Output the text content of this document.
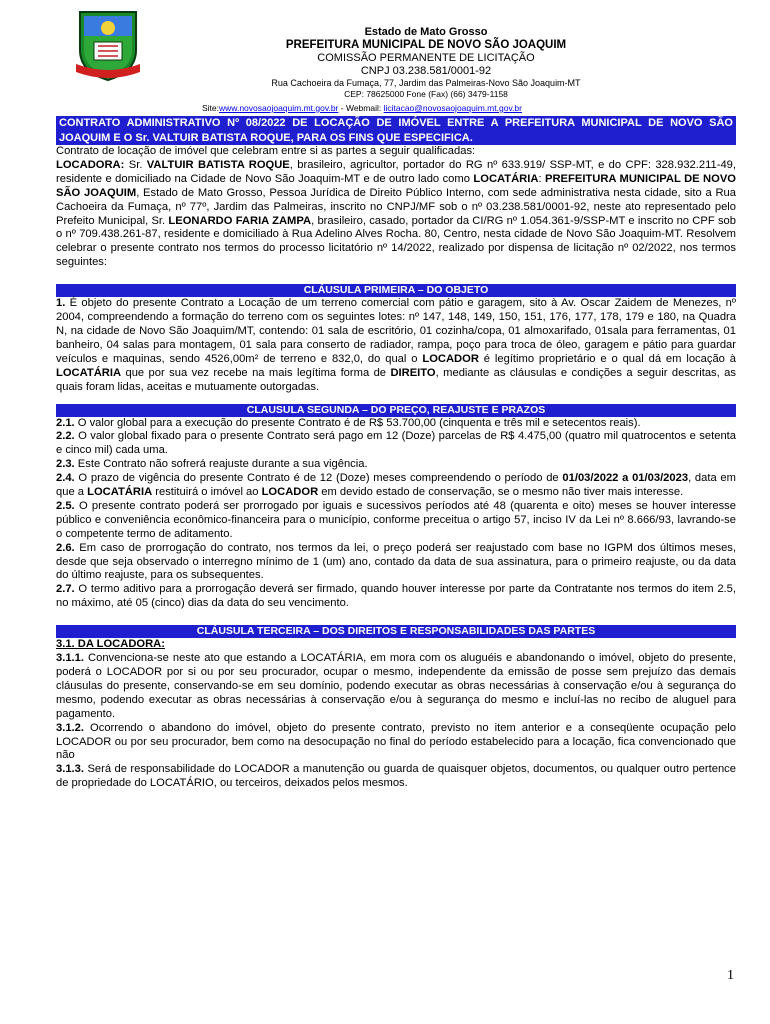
Estado de Mato Grosso
PREFEITURA MUNICIPAL DE NOVO SÃO JOAQUIM
COMISSÃO PERMANENTE DE LICITAÇÃO
CNPJ 03.238.581/0001-92
Rua Cachoeira da Fumaça, 77, Jardim das Palmeiras-Novo São Joaquim-MT
CEP: 78625000 Fone (Fax) (66) 3479-1158
Site:www.novosaojoaquim.mt.gov.br - Webmail: licitacao@novosaojoaquim.mt.gov.br
CONTRATO ADMINISTRATIVO Nº 08/2022 DE LOCAÇÃO DE IMÓVEL ENTRE A PREFEITURA MUNICIPAL DE NOVO SÃO JOAQUIM E O Sr. VALTUIR BATISTA ROQUE, PARA OS FINS QUE ESPECIFICA.

Contrato de locação de imóvel que celebram entre si as partes a seguir qualificadas:

LOCADORA: Sr. VALTUIR BATISTA ROQUE, brasileiro, agricultor, portador do RG nº 633.919/ SSP-MT, e do CPF: 328.932.211-49, residente e domiciliado na Cidade de Novo São Joaquim-MT e de outro lado como LOCATÁRIA: PREFEITURA MUNICIPAL DE NOVO SÃO JOAQUIM, Estado de Mato Grosso, Pessoa Jurídica de Direito Público Interno, com sede administrativa nesta cidade, sito a Rua Cachoeira da Fumaça, nº 77º, Jardim das Palmeiras, inscrito no CNPJ/MF sob o nº 03.238.581/0001-92, neste ato representado pelo Prefeito Municipal, Sr. LEONARDO FARIA ZAMPA, brasileiro, casado, portador da CI/RG nº 1.054.361-9/SSP-MT e inscrito no CPF sob o nº 709.438.261-87, residente e domiciliado à Rua Adelino Alves Rocha. 80, Centro, nesta cidade de Novo São Joaquim-MT. Resolvem celebrar o presente contrato nos termos do processo licitatório nº 14/2022, realizado por dispensa de licitação nº 02/2022, nos termos seguintes:

CLÁUSULA PRIMEIRA – DO OBJETO

1. É objeto do presente Contrato a Locação de um terreno comercial com pátio e garagem, sito à Av. Oscar Zaidem de Menezes, nº 2004, compreendendo a formação do terreno com os seguintes lotes: nº 147, 148, 149, 150, 151, 176, 177, 178, 179 e 180, na Quadra N, na cidade de Novo São Joaquim/MT, contendo: 01 sala de escritório, 01 cozinha/copa, 01 almoxarifado, 01sala para ferramentas, 01 banheiro, 04 salas para montagem, 01 sala para conserto de radiador, rampa, poço para troca de óleo, garagem e pátio para guardar veículos e maquinas, sendo 4526,00m² de terreno e 832,0, do qual o LOCADOR é legítimo proprietário e o qual dá em locação à LOCATÁRIA que por sua vez recebe na mais legítima forma de DIREITO, mediante as cláusulas e condições a seguir descritas, as quais foram lidas, aceitas e mutuamente outorgadas.

CLAUSULA SEGUNDA – DO PREÇO, REAJUSTE E PRAZOS

2.1. O valor global para a execução do presente Contrato é de R$ 53.700,00 (cinquenta e três mil e setecentos reais).

2.2. O valor global fixado para o presente Contrato será pago em 12 (Doze) parcelas de R$ 4.475,00 (quatro mil quatrocentos e setenta e cinco mil) cada uma.

2.3. Este Contrato não sofrerá reajuste durante a sua vigência.

2.4. O prazo de vigência do presente Contrato é de 12 (Doze) meses compreendendo o período de 01/03/2022 a 01/03/2023, data em que a LOCATÁRIA restituirá o imóvel ao LOCADOR em devido estado de conservação, se o mesmo não tiver mais interesse.

2.5. O presente contrato poderá ser prorrogado por iguais e sucessivos períodos até 48 (quarenta e oito) meses se houver interesse público e conveniência econômico-financeira para o município, conforme preceitua o artigo 57, inciso IV da Lei nº 8.666/93, lavrando-se o competente termo de aditamento.

2.6. Em caso de prorrogação do contrato, nos termos da lei, o preço poderá ser reajustado com base no IGPM dos últimos meses, desde que seja observado o interregno mínimo de 1 (um) ano, contado da data de sua assinatura, para o primeiro reajuste, ou da data do último reajuste, para os subsequentes.

2.7. O termo aditivo para a prorrogação deverá ser firmado, quando houver interesse por parte da Contratante nos termos do item 2.5, no máximo, até 05 (cinco) dias da data do seu vencimento.

CLÁUSULA TERCEIRA – DOS DIREITOS E RESPONSABILIDADES DAS PARTES

3.1. DA LOCADORA:

3.1.1. Convenciona-se neste ato que estando a LOCATÁRIA, em mora com os aluguéis e abandonando o imóvel, objeto do presente, poderá o LOCADOR por si ou por seu procurador, ocupar o mesmo, independente da emissão de posse sem prejuízo das demais cláusulas do presente, conservando-se em seu domínio, podendo executar as obras necessárias à conservação e/ou à segurança do mesmo, podendo executar as obras necessárias à conservação e/ou à segurança do mesmo e incluí-las no recibo de aluguel para pagamento.

3.1.2. Ocorrendo o abandono do imóvel, objeto do presente contrato, previsto no item anterior e a conseqüente ocupação pelo LOCADOR ou por seu procurador, bem como na desocupação no final do período estabelecido para a locação, fica convencionado que não

3.1.3. Será de responsabilidade do LOCADOR a manutenção ou guarda de quaisquer objetos, documentos, ou qualquer outro pertence de propriedade do LOCATÁRIO, ou terceiros, deixados pelos mesmos.

1
